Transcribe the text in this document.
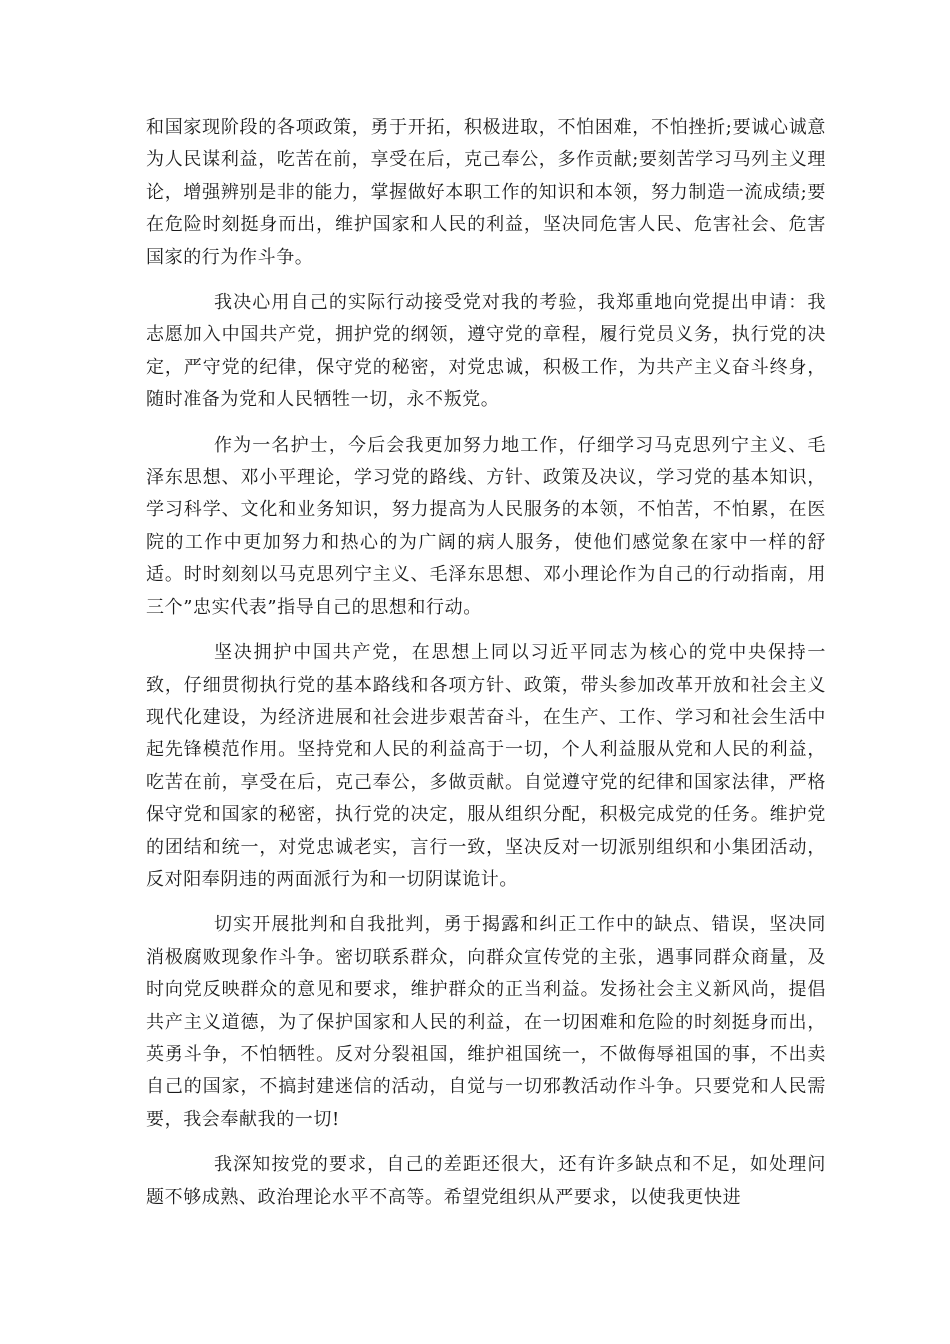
和国家现阶段的各项政策，勇于开拓，积极进取，不怕困难，不怕挫折;要诚心诚意为人民谋利益，吃苦在前，享受在后，克己奉公，多作贡献;要刻苦学习马列主义理论，增强辨别是非的能力，掌握做好本职工作的知识和本领，努力制造一流成绩;要在危险时刻挺身而出，维护国家和人民的利益，坚决同危害人民、危害社会、危害国家的行为作斗争。

我决心用自己的实际行动接受党对我的考验，我郑重地向党提出申请：我志愿加入中国共产党，拥护党的纲领，遵守党的章程，履行党员义务，执行党的决定，严守党的纪律，保守党的秘密，对党忠诚，积极工作，为共产主义奋斗终身，随时准备为党和人民牺牲一切，永不叛党。

作为一名护士，今后会我更加努力地工作，仔细学习马克思列宁主义、毛泽东思想、邓小平理论，学习党的路线、方针、政策及决议，学习党的基本知识，学习科学、文化和业务知识，努力提高为人民服务的本领，不怕苦，不怕累，在医院的工作中更加努力和热心的为广阔的病人服务，使他们感觉象在家中一样的舒适。时时刻刻以马克思列宁主义、毛泽东思想、邓小理论作为自己的行动指南，用三个”忠实代表”指导自己的思想和行动。

坚决拥护中国共产党，在思想上同以习近平同志为核心的党中央保持一致，仔细贯彻执行党的基本路线和各项方针、政策，带头参加改革开放和社会主义现代化建设，为经济进展和社会进步艰苦奋斗，在生产、工作、学习和社会生活中起先锋模范作用。坚持党和人民的利益高于一切，个人利益服从党和人民的利益，吃苦在前，享受在后，克己奉公，多做贡献。自觉遵守党的纪律和国家法律，严格保守党和国家的秘密，执行党的决定，服从组织分配，积极完成党的任务。维护党的团结和统一，对党忠诚老实，言行一致，坚决反对一切派别组织和小集团活动，反对阳奉阴违的两面派行为和一切阴谋诡计。

切实开展批判和自我批判，勇于揭露和纠正工作中的缺点、错误，坚决同消极腐败现象作斗争。密切联系群众，向群众宣传党的主张，遇事同群众商量，及时向党反映群众的意见和要求，维护群众的正当利益。发扬社会主义新风尚，提倡共产主义道德，为了保护国家和人民的利益，在一切困难和危险的时刻挺身而出，英勇斗争，不怕牺牲。反对分裂祖国，维护祖国统一，不做侮辱祖国的事，不出卖自己的国家，不搞封建迷信的活动，自觉与一切邪教活动作斗争。只要党和人民需要，我会奉献我的一切!

我深知按党的要求，自己的差距还很大，还有许多缺点和不足，如处理问题不够成熟、政治理论水平不高等。希望党组织从严要求，以使我更快进
